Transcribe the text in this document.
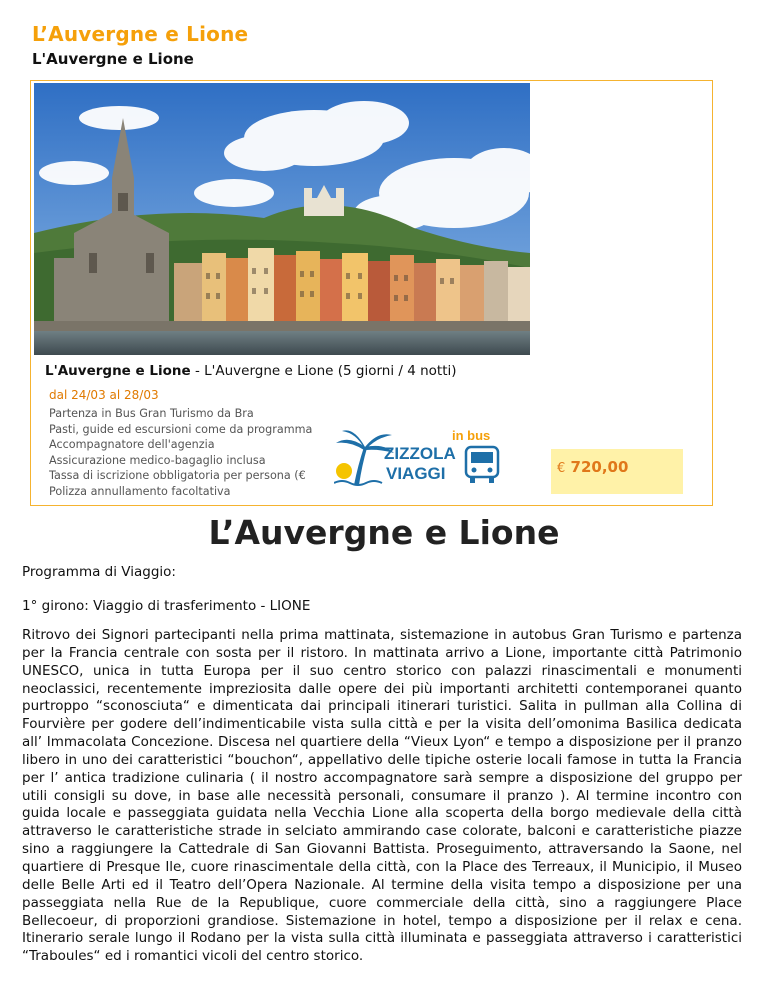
L’Auvergne e Lione
L'Auvergne e Lione
L'Auvergne e Lione - L'Auvergne e Lione (5 giorni / 4 notti)
dal 24/03 al 28/03
Partenza in Bus Gran Turismo da Bra
Pasti, guide ed escursioni come da programma
Accompagnatore dell'agenzia
Assicurazione medico-bagaglio inclusa
Tassa di iscrizione obbligatoria per persona (€
Polizza annullamento facoltativa
in bus
ZIZZOLA
VIAGGI	€ 720,00
L’Auvergne e Lione
Programma di Viaggio:
1° girono: Viaggio di trasferimento - LIONE
Ritrovo dei Signori partecipanti nella prima mattinata, sistemazione in autobus Gran Turismo e partenza per la Francia centrale con sosta per il ristoro. In mattinata arrivo a Lione, importante città Patrimonio UNESCO, unica in tutta Europa per il suo centro storico con palazzi rinascimentali e monumenti neoclassici, recentemente impreziosita dalle opere dei più importanti architetti contemporanei quanto purtroppo “sconosciuta“ e dimenticata dai principali itinerari turistici. Salita in pullman alla Collina di Fourvière per godere dell’indimenticabile vista sulla città e per la visita dell’omonima Basilica dedicata all’ Immacolata Concezione. Discesa nel quartiere della “Vieux Lyon“ e tempo a disposizione per il pranzo libero in uno dei caratteristici “bouchon“, appellativo delle tipiche osterie locali famose in tutta la Francia per l’ antica tradizione culinaria ( il nostro accompagnatore sarà sempre a disposizione del gruppo per utili consigli su dove, in base alle necessità personali, consumare il pranzo ). Al termine incontro con guida locale e passeggiata guidata nella Vecchia Lione alla scoperta della borgo medievale della città attraverso le caratteristiche strade in selciato ammirando case colorate, balconi e caratteristiche piazze sino a raggiungere la Cattedrale di San Giovanni Battista. Proseguimento, attraversando la Saone, nel quartiere di Presque Ile, cuore rinascimentale della città, con la Place des Terreaux, il Municipio, il Museo delle Belle Arti ed il Teatro dell’Opera Nazionale. Al termine della visita tempo a disposizione per una passeggiata nella Rue de la Republique, cuore commerciale della città, sino a raggiungere Place Bellecoeur, di proporzioni grandiose. Sistemazione in hotel, tempo a disposizione per il relax e cena. Itinerario serale lungo il Rodano per la vista sulla città illuminata e passeggiata attraverso i caratteristici “Traboules“ ed i romantici vicoli del centro storico.
